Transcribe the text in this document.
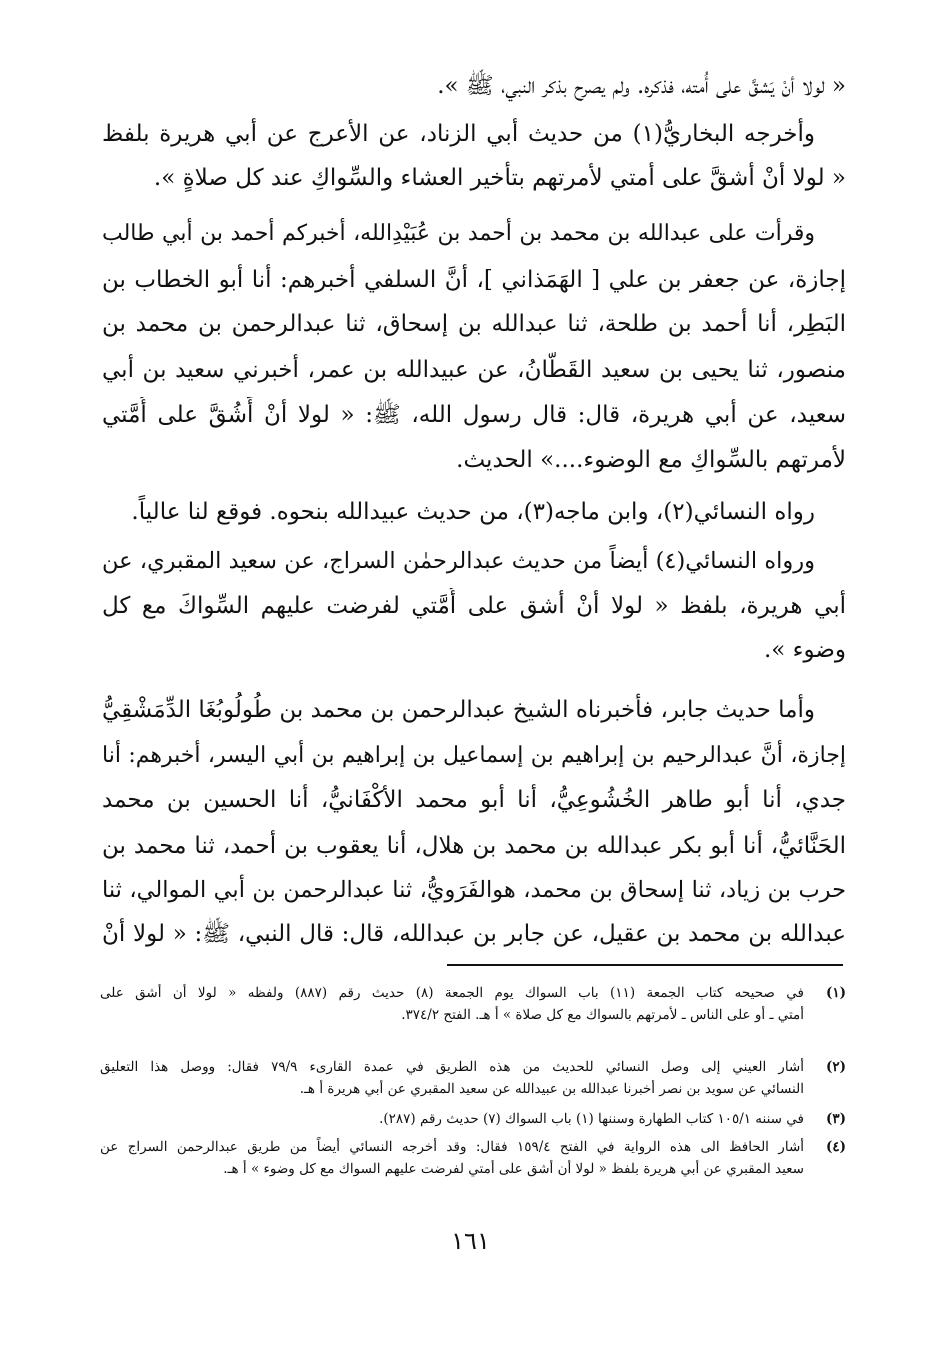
« لولا أنْ يَشقَّ على أُمته، فذكره. ولم يصرح بذكر النبي، ﷺ ».
وأخرجه البخاريُّ(١) من حديث أبي الزناد، عن الأعرج عن أبي هريرة بلفظ
« لولا أنْ أشقَّ على أمتي لأمرتهم بتأخير العشاء والسِّواكِ عند كل صلاةٍ ».
وقرأت على عبدالله بن محمد بن أحمد بن عُبَيْدِالله، أخبركم أحمد بن أبي طالب
إجازة، عن جعفر بن علي [ الهَمَذاني ]، أنَّ السلفي أخبرهم: أنا أبو الخطاب بن
البَطِر، أنا أحمد بن طلحة، ثنا عبدالله بن إسحاق، ثنا عبدالرحمن بن محمد بن
منصور، ثنا يحيى بن سعيد القَطَّانُ، عن عبيدالله بن عمر، أخبرني سعيد بن أبي
سعيد، عن أبي هريرة، قال: قال رسول الله، ﷺ: « لولا أنْ أَشُقَّ على أُمَّتي
لأمرتهم بالسِّواكِ مع الوضوء....» الحديث.
رواه النسائي(٢)، وابن ماجه(٣)، من حديث عبيدالله بنحوه. فوقع لنا عالياً.
ورواه النسائي(٤) أيضاً من حديث عبدالرحمٰن السراج، عن سعيد المقبري، عن
أبي هريرة، بلفظ « لولا أنْ أشق على أُمَّتي لفرضت عليهم السِّواكَ مع كل
وضوء ».
وأما حديث جابر، فأخبرناه الشيخ عبدالرحمن بن محمد بن طُولُوبُغَا الدِّمَشْقِيُّ
إجازة، أنَّ عبدالرحيم بن إبراهيم بن إسماعيل بن إبراهيم بن أبي اليسر، أخبرهم: أنا
جدي، أنا أبو طاهر الخُشُوعِيُّ، أنا أبو محمد الأكْفَانيُّ، أنا الحسين بن محمد
الحَنَّائيُّ، أنا أبو بكر عبدالله بن محمد بن هلال، أنا يعقوب بن أحمد، ثنا محمد بن
حرب بن زياد، ثنا إسحاق بن محمد، هوالفَرَويُّ، ثنا عبدالرحمن بن أبي الموالي، ثنا
عبدالله بن محمد بن عقيل، عن جابر بن عبدالله، قال: قال النبي، ﷺ: « لولا أنْ
(١)
في صحيحه كتاب الجمعة (١١) باب السواك يوم الجمعة (٨) حديث رقم (٨٨٧) ولفظه « لولا أن أشق على
أمتي ـ أو على الناس ـ لأمرتهم بالسواك مع كل صلاة » أ هـ. الفتح ٣٧٤/٢.
(٢)
أشار العيني إلى وصل النسائي للحديث من هذه الطريق في عمدة القارىء ٧٩/٩ فقال: ووصل هذا التعليق
النسائي عن سويد بن نصر أخبرنا عبدالله بن عبيدالله عن سعيد المقبري عن أبي هريرة أ هـ.
(٣)
في سننه ١٠٥/١ كتاب الطهارة وسننها (١) باب السواك (٧) حديث رقم (٢٨٧).
(٤)
أشار الحافظ الى هذه الرواية في الفتح ١٥٩/٤ فقال: وقد أخرجه النسائي أيضاً من طريق عبدالرحمن السراج عن
سعيد المقبري عن أبي هريرة بلفظ « لولا أن أشق على أمتي لفرضت عليهم السواك مع كل وضوء » أ هـ.
١٦١
